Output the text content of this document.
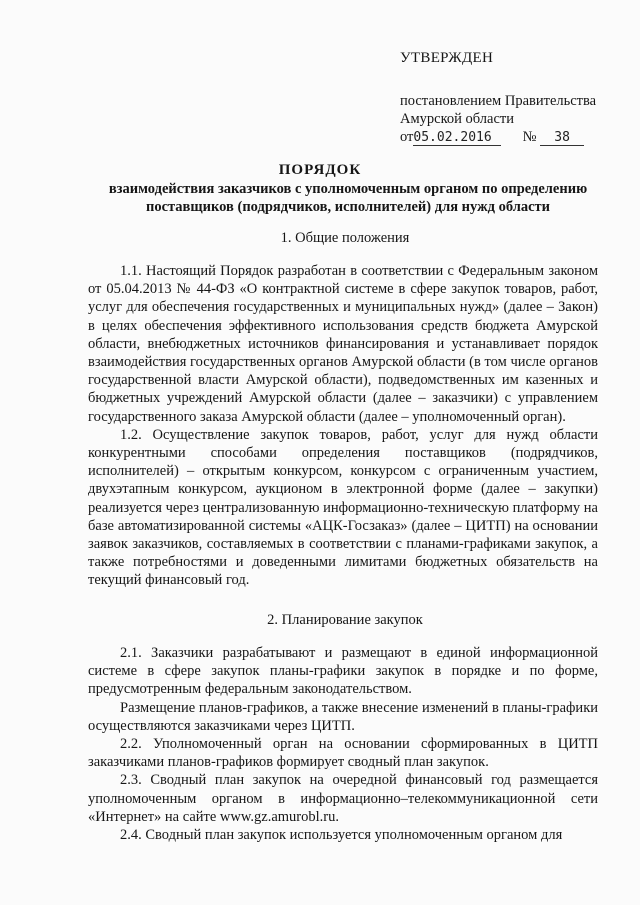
УТВЕРЖДЕН
постановлением Правительства
Амурской области
от05.02.2016 № 38
ПОРЯДОК
взаимодействия заказчиков с уполномоченным органом по определению поставщиков (подрядчиков, исполнителей) для нужд области
1. Общие положения

1.1. Настоящий Порядок разработан в соответствии с Федеральным законом от 05.04.2013 № 44-ФЗ «О контрактной системе в сфере закупок товаров, работ, услуг для обеспечения государственных и муниципальных нужд» (далее – Закон) в целях обеспечения эффективного использования средств бюджета Амурской области, внебюджетных источников финансирования и устанавливает порядок взаимодействия государственных органов Амурской области (в том числе органов государственной власти Амурской области), подведомственных им казенных и бюджетных учреждений Амурской области (далее – заказчики) с управлением государственного заказа Амурской области (далее – уполномоченный орган).

1.2. Осуществление закупок товаров, работ, услуг для нужд области конкурентными способами определения поставщиков (подрядчиков, исполнителей) – открытым конкурсом, конкурсом с ограниченным участием, двухэтапным конкурсом, аукционом в электронной форме (далее – закупки) реализуется через централизованную информационно-техническую платформу на базе автоматизированной системы «АЦК-Госзаказ» (далее – ЦИТП) на основании заявок заказчиков, составляемых в соответствии с планами-графиками закупок, а также потребностями и доведенными лимитами бюджетных обязательств на текущий финансовый год.

2. Планирование закупок

2.1. Заказчики разрабатывают и размещают в единой информационной системе в сфере закупок планы-графики закупок в порядке и по форме, предусмотренным федеральным законодательством.

Размещение планов-графиков, а также внесение изменений в планы-графики осуществляются заказчиками через ЦИТП.

2.2. Уполномоченный орган на основании сформированных в ЦИТП заказчиками планов-графиков формирует сводный план закупок.

2.3. Сводный план закупок на очередной финансовый год размещается уполномоченным органом в информационно–телекоммуникационной сети «Интернет» на сайте www.gz.amurobl.ru.

2.4. Сводный план закупок используется уполномоченным органом для
